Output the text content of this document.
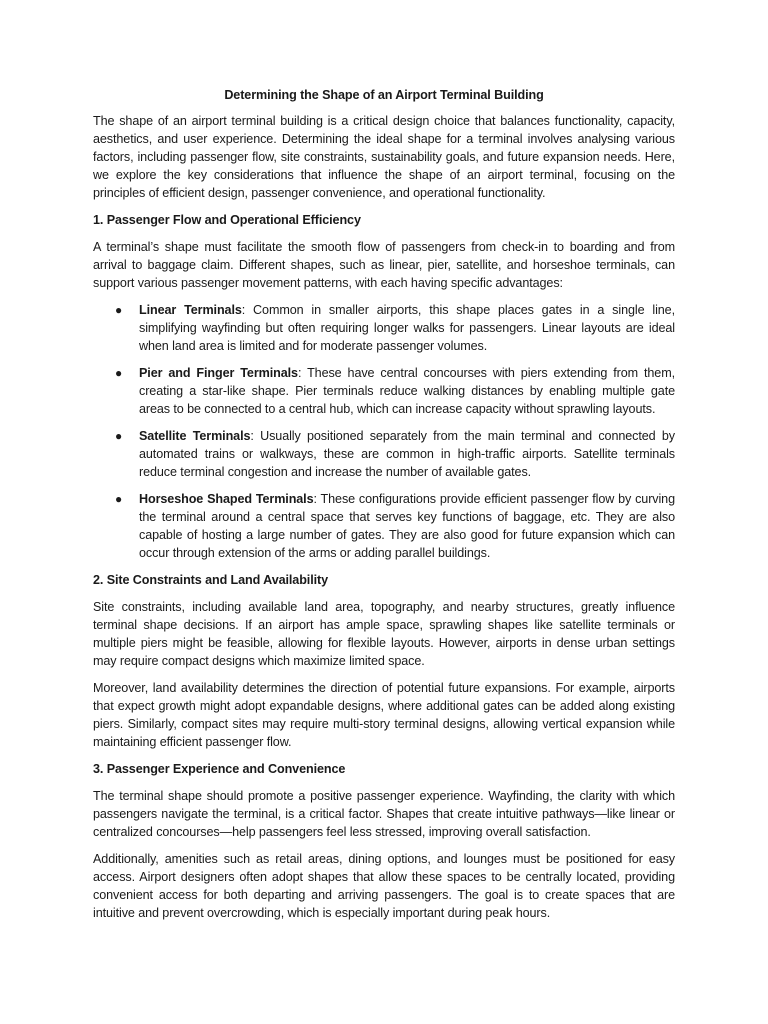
Determining the Shape of an Airport Terminal Building

The shape of an airport terminal building is a critical design choice that balances functionality, capacity, aesthetics, and user experience. Determining the ideal shape for a terminal involves analysing various factors, including passenger flow, site constraints, sustainability goals, and future expansion needs. Here, we explore the key considerations that influence the shape of an airport terminal, focusing on the principles of efficient design, passenger convenience, and operational functionality.

1. Passenger Flow and Operational Efficiency

A terminal’s shape must facilitate the smooth flow of passengers from check-in to boarding and from arrival to baggage claim. Different shapes, such as linear, pier, satellite, and horseshoe terminals, can support various passenger movement patterns, with each having specific advantages:

● Linear Terminals: Common in smaller airports, this shape places gates in a single line, simplifying wayfinding but often requiring longer walks for passengers. Linear layouts are ideal when land area is limited and for moderate passenger volumes.
● Pier and Finger Terminals: These have central concourses with piers extending from them, creating a star-like shape. Pier terminals reduce walking distances by enabling multiple gate areas to be connected to a central hub, which can increase capacity without sprawling layouts.
● Satellite Terminals: Usually positioned separately from the main terminal and connected by automated trains or walkways, these are common in high-traffic airports. Satellite terminals reduce terminal congestion and increase the number of available gates.
● Horseshoe Shaped Terminals: These configurations provide efficient passenger flow by curving the terminal around a central space that serves key functions of baggage, etc. They are also capable of hosting a large number of gates. They are also good for future expansion which can occur through extension of the arms or adding parallel buildings.
2. Site Constraints and Land Availability

Site constraints, including available land area, topography, and nearby structures, greatly influence terminal shape decisions. If an airport has ample space, sprawling shapes like satellite terminals or multiple piers might be feasible, allowing for flexible layouts. However, airports in dense urban settings may require compact designs which maximize limited space.

Moreover, land availability determines the direction of potential future expansions. For example, airports that expect growth might adopt expandable designs, where additional gates can be added along existing piers. Similarly, compact sites may require multi-story terminal designs, allowing vertical expansion while maintaining efficient passenger flow.

3. Passenger Experience and Convenience

The terminal shape should promote a positive passenger experience. Wayfinding, the clarity with which passengers navigate the terminal, is a critical factor. Shapes that create intuitive pathways—like linear or centralized concourses—help passengers feel less stressed, improving overall satisfaction.

Additionally, amenities such as retail areas, dining options, and lounges must be positioned for easy access. Airport designers often adopt shapes that allow these spaces to be centrally located, providing convenient access for both departing and arriving passengers. The goal is to create spaces that are intuitive and prevent overcrowding, which is especially important during peak hours.
